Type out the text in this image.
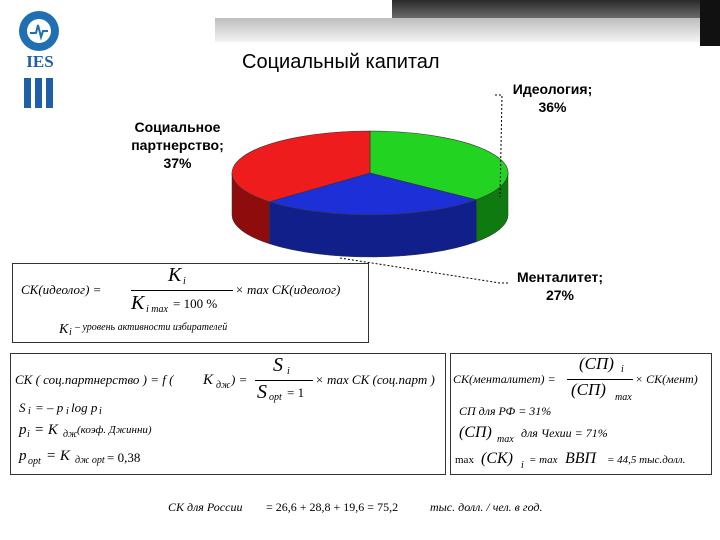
IES	Социальный капитал
Идеология;
36%
Менталитет;
27%
Социальное
партнерство;
37%
CK(идеолог) =
K i
K i max = 100 %
× max CK(идеолог)
K i – уровень активности избирателей
CK ( соц.партнерство ) = f ( K дж ) =
S i
S opt = 1
× max CK (соц.парт )
S i = – p i log p i
p i = K дж (коэф. Джинни)
p opt = K дж opt = 0,38
CK(менталитет) =
(CП) i
(CП) max
× CK(мент)
CП для РФ = 31%
(CП) max для Чехии = 71%
max (CK) i = max ВВП = 44,5 тыс.долл.
CK для России = 26,6 + 28,8 + 19,6 = 75,2	тыс. долл. / чел. в год.
